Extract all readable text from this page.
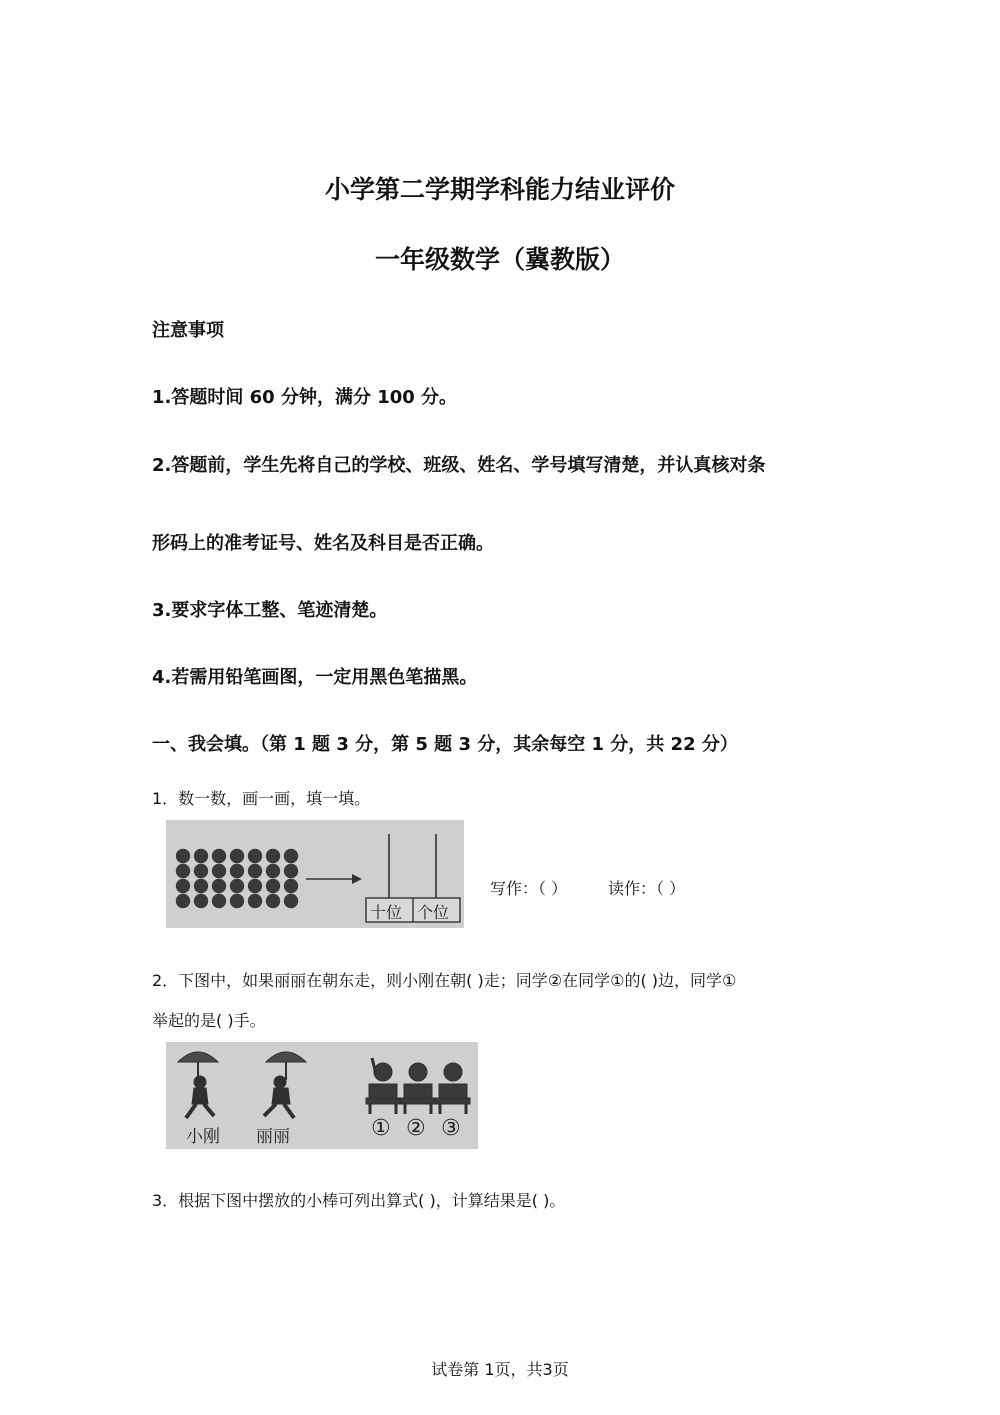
小学第二学期学科能力结业评价
一年级数学（冀教版）
注意事项
1.答题时间 60 分钟，满分 100 分。
2.答题前，学生先将自己的学校、班级、姓名、学号填写清楚，并认真核对条
形码上的准考证号、姓名及科目是否正确。
3.要求字体工整、笔迹清楚。
4.若需用铅笔画图，一定用黑色笔描黑。
一、我会填。（第 1 题 3 分，第 5 题 3 分，其余每空 1 分，共 22 分）
1．数一数，画一画，填一填。
十位 个位
写作：（ ）	读作：（ ）
2．下图中，如果丽丽在朝东走，则小刚在朝( )走；同学②在同学①的( )边，同学①
举起的是( )手。
小刚 丽丽	① ② ③
3．根据下图中摆放的小棒可列出算式( )，计算结果是( )。
试卷第 1页，共3页
